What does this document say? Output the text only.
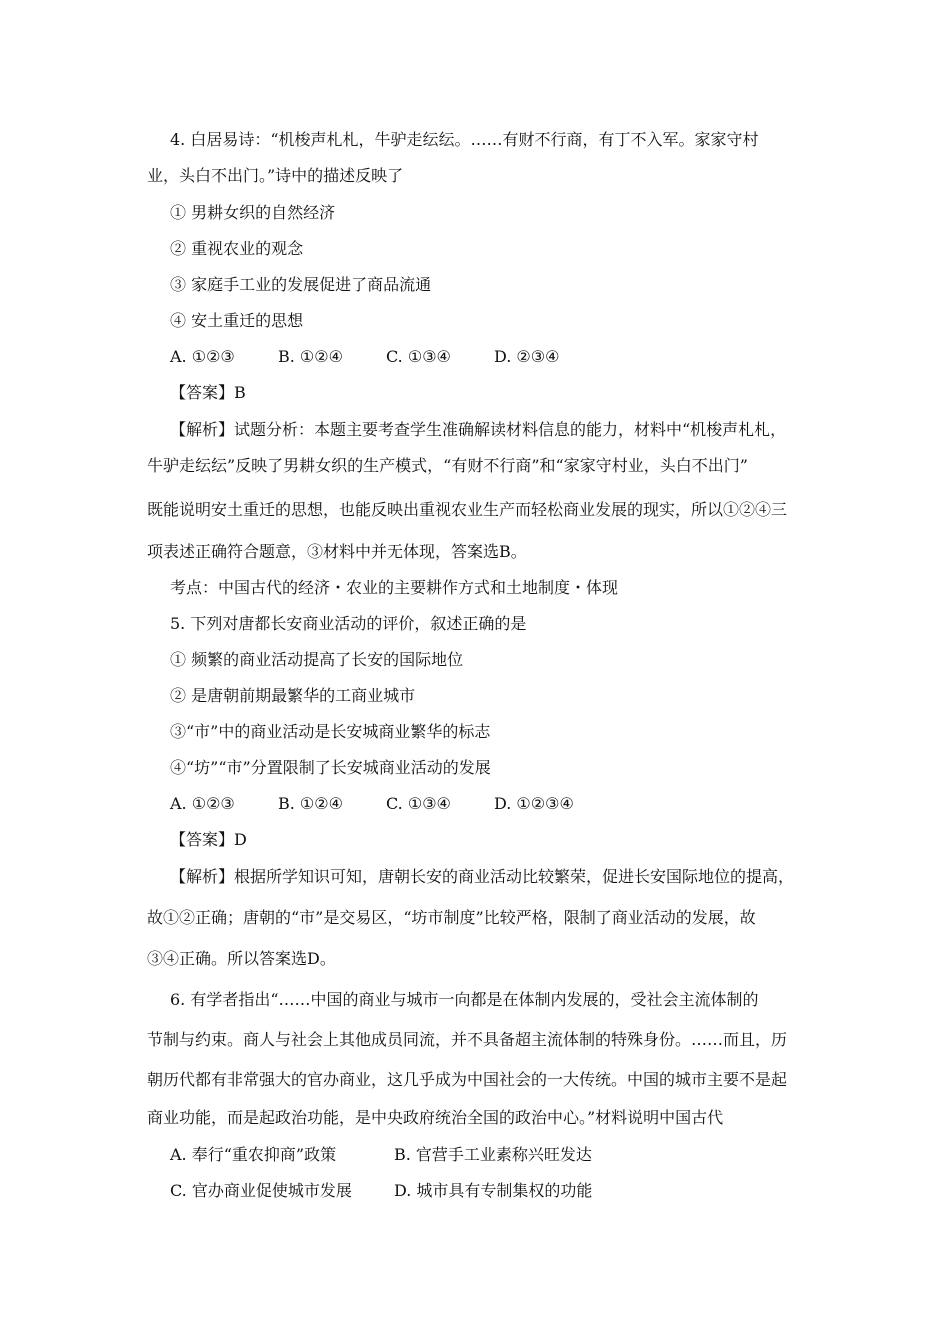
4. 白居易诗：“机梭声札札，牛驴走纭纭。……有财不行商，有丁不入军。家家守村
业，头白不出门。”诗中的描述反映了
① 男耕女织的自然经济
② 重视农业的观念
③ 家庭手工业的发展促进了商品流通
④ 安土重迁的思想
A. ①②③	B. ①②④	C. ①③④	D. ②③④
【答案】B
【解析】试题分析：本题主要考查学生准确解读材料信息的能力，材料中“机梭声札札，
牛驴走纭纭”反映了男耕女织的生产模式，“有财不行商”和“家家守村业，头白不出门”
既能说明安土重迁的思想，也能反映出重视农业生产而轻松商业发展的现实，所以①②④三
项表述正确符合题意，③材料中并无体现，答案选B。
考点：中国古代的经济・农业的主要耕作方式和土地制度・体现
5. 下列对唐都长安商业活动的评价，叙述正确的是
① 频繁的商业活动提高了长安的国际地位
② 是唐朝前期最繁华的工商业城市
③“市”中的商业活动是长安城商业繁华的标志
④“坊”“市”分置限制了长安城商业活动的发展
A. ①②③	B. ①②④	C. ①③④	D. ①②③④
【答案】D
【解析】根据所学知识可知，唐朝长安的商业活动比较繁荣，促进长安国际地位的提高，
故①②正确；唐朝的“市”是交易区，“坊市制度”比较严格，限制了商业活动的发展，故
③④正确。所以答案选D。
6. 有学者指出“……中国的商业与城市一向都是在体制内发展的，受社会主流体制的
节制与约束。商人与社会上其他成员同流，并不具备超主流体制的特殊身份。……而且，历
朝历代都有非常强大的官办商业，这几乎成为中国社会的一大传统。中国的城市主要不是起
商业功能，而是起政治功能，是中央政府统治全国的政治中心。”材料说明中国古代
A. 奉行“重农抑商”政策	B. 官营手工业素称兴旺发达
C. 官办商业促使城市发展	D. 城市具有专制集权的功能
